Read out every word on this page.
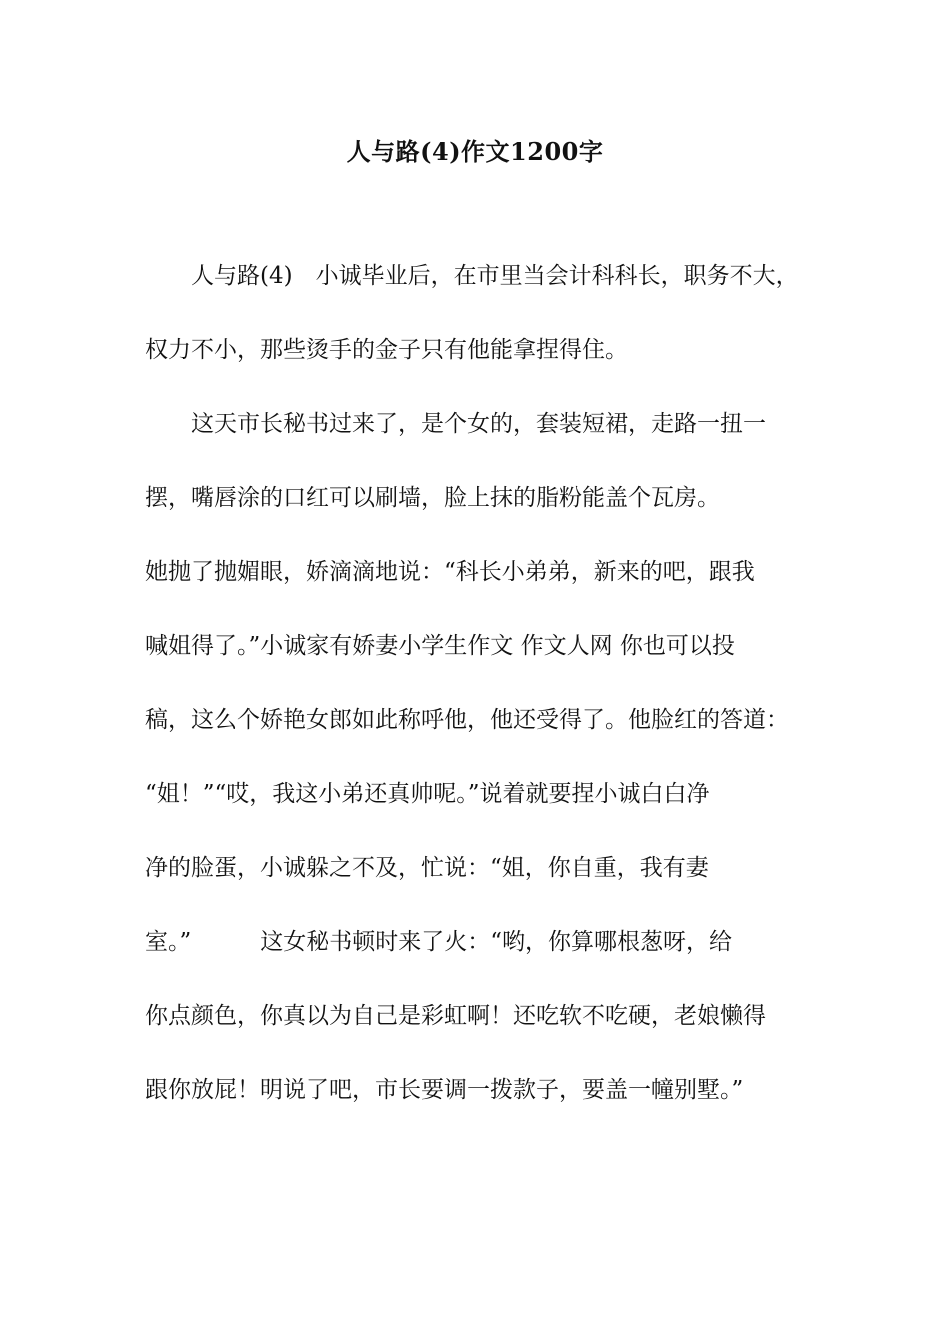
人与路(4)作文1200字
人与路(4)　小诚毕业后，在市里当会计科科长，职务不大，
权力不小，那些烫手的金子只有他能拿捏得住。
这天市长秘书过来了，是个女的，套装短裙，走路一扭一
摆，嘴唇涂的口红可以刷墙，脸上抹的脂粉能盖个瓦房。
她抛了抛媚眼，娇滴滴地说：“科长小弟弟，新来的吧，跟我
喊姐得了。”小诚家有娇妻小学生作文 作文人网 你也可以投
稿，这么个娇艳女郎如此称呼他，他还受得了。他脸红的答道：
“姐！”“哎，我这小弟还真帅呢。”说着就要捏小诚白白净
净的脸蛋，小诚躲之不及，忙说：“姐，你自重，我有妻
室。”　　　这女秘书顿时来了火：“哟，你算哪根葱呀，给
你点颜色，你真以为自己是彩虹啊！还吃软不吃硬，老娘懒得
跟你放屁！明说了吧，市长要调一拨款子，要盖一幢别墅。”
